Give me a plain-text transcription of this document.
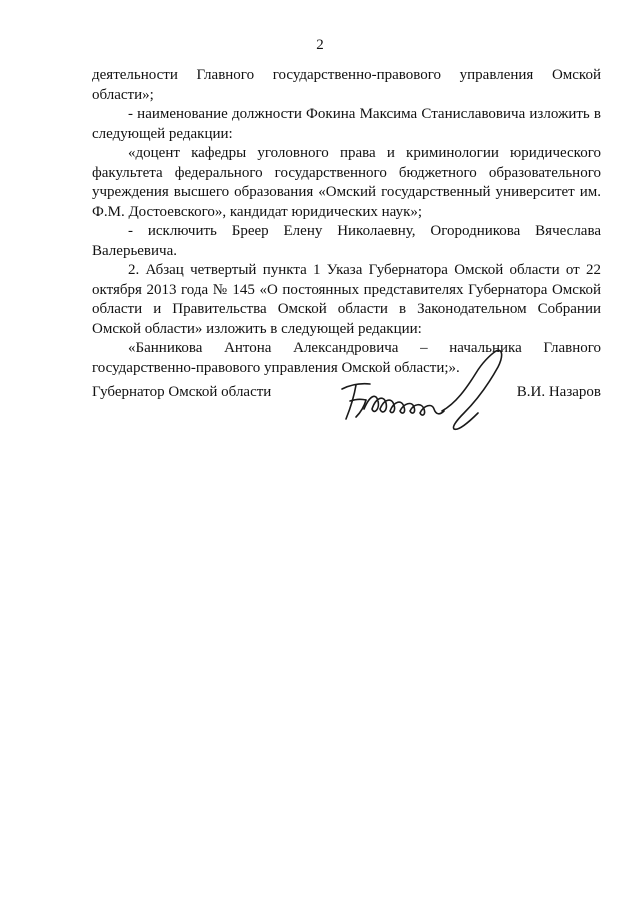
2

деятельности Главного государственно-правового управления Омской области»;

- наименование должности Фокина Максима Станиславовича изложить в следующей редакции:

«доцент кафедры уголовного права и криминологии юридического факультета федерального государственного бюджетного образовательного учреждения высшего образования «Омский государственный университет им. Ф.М. Достоевского», кандидат юридических наук»;

- исключить Бреер Елену Николаевну, Огородникова Вячеслава Валерьевича.

2. Абзац четвертый пункта 1 Указа Губернатора Омской области от 22 октября 2013 года № 145 «О постоянных представителях Губернатора Омской области и Правительства Омской области в Законодательном Собрании Омской области» изложить в следующей редакции:

«Банникова Антона Александровича – начальника Главного

государственно-правового управления Омской области;».

Губернатор Омской области	В.И. Назаров
